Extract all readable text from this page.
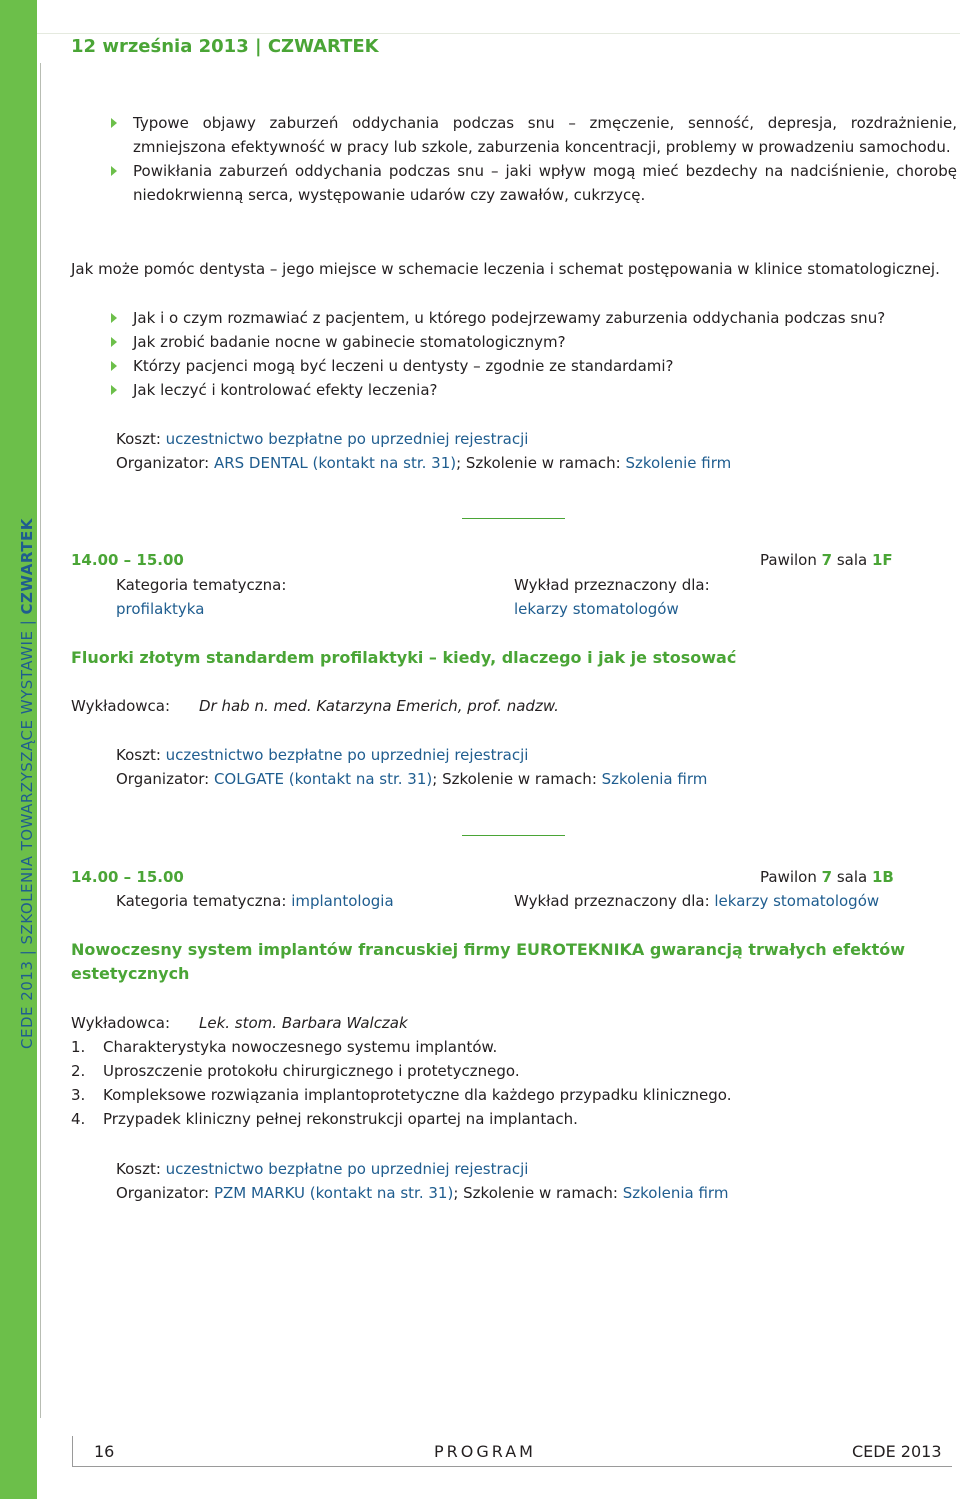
CEDE 2013 | SZKOLENIA TOWARZYSZĄCE WYSTAWIE | CZWARTEK
12 września 2013 | CZWARTEK
Typowe objawy zaburzeń oddychania podczas snu – zmęczenie, senność, depresja, rozdrażnienie, zmniejszona efektywność w pracy lub szkole, zaburzenia koncentracji, problemy w prowadzeniu samochodu.
Powikłania zaburzeń oddychania podczas snu – jaki wpływ mogą mieć bezdechy na nadciśnienie, chorobę niedokrwienną serca, występowanie udarów czy zawałów, cukrzycę.
Jak może pomóc dentysta – jego miejsce w schemacie leczenia i schemat postępowania w klinice stomatologicznej.
Jak i o czym rozmawiać z pacjentem, u którego podejrzewamy zaburzenia oddychania podczas snu?
Jak zrobić badanie nocne w gabinecie stomatologicznym?
Którzy pacjenci mogą być leczeni u dentysty – zgodnie ze standardami?
Jak leczyć i kontrolować efekty leczenia?
Koszt: uczestnictwo bezpłatne po uprzedniej rejestracji
Organizator: ARS DENTAL (kontakt na str. 31); Szkolenie w ramach: Szkolenie firm
14.00 – 15.00	Pawilon 7 sala 1F
Kategoria tematyczna:
profilaktyka
Wykład przeznaczony dla:
lekarzy stomatologów
Fluorki złotym standardem profilaktyki – kiedy, dlaczego i jak je stosować
Wykładowca: Dr hab n. med. Katarzyna Emerich, prof. nadzw.
Koszt: uczestnictwo bezpłatne po uprzedniej rejestracji
Organizator: COLGATE (kontakt na str. 31); Szkolenie w ramach: Szkolenia firm
14.00 – 15.00	Pawilon 7 sala 1B
Kategoria tematyczna: implantologia	Wykład przeznaczony dla: lekarzy stomatologów
Nowoczesny system implantów francuskiej firmy EUROTEKNIKA gwarancją trwałych efektów estetycznych
Wykładowca: Lek. stom. Barbara Walczak
1. Charakterystyka nowoczesnego systemu implantów.
2. Uproszczenie protokołu chirurgicznego i protetycznego.
3. Kompleksowe rozwiązania implantoprotetyczne dla każdego przypadku klinicznego.
4. Przypadek kliniczny pełnej rekonstrukcji opartej na implantach.
Koszt: uczestnictwo bezpłatne po uprzedniej rejestracji
Organizator: PZM MARKU (kontakt na str. 31); Szkolenie w ramach: Szkolenia firm
16	PROGRAM	CEDE 2013
